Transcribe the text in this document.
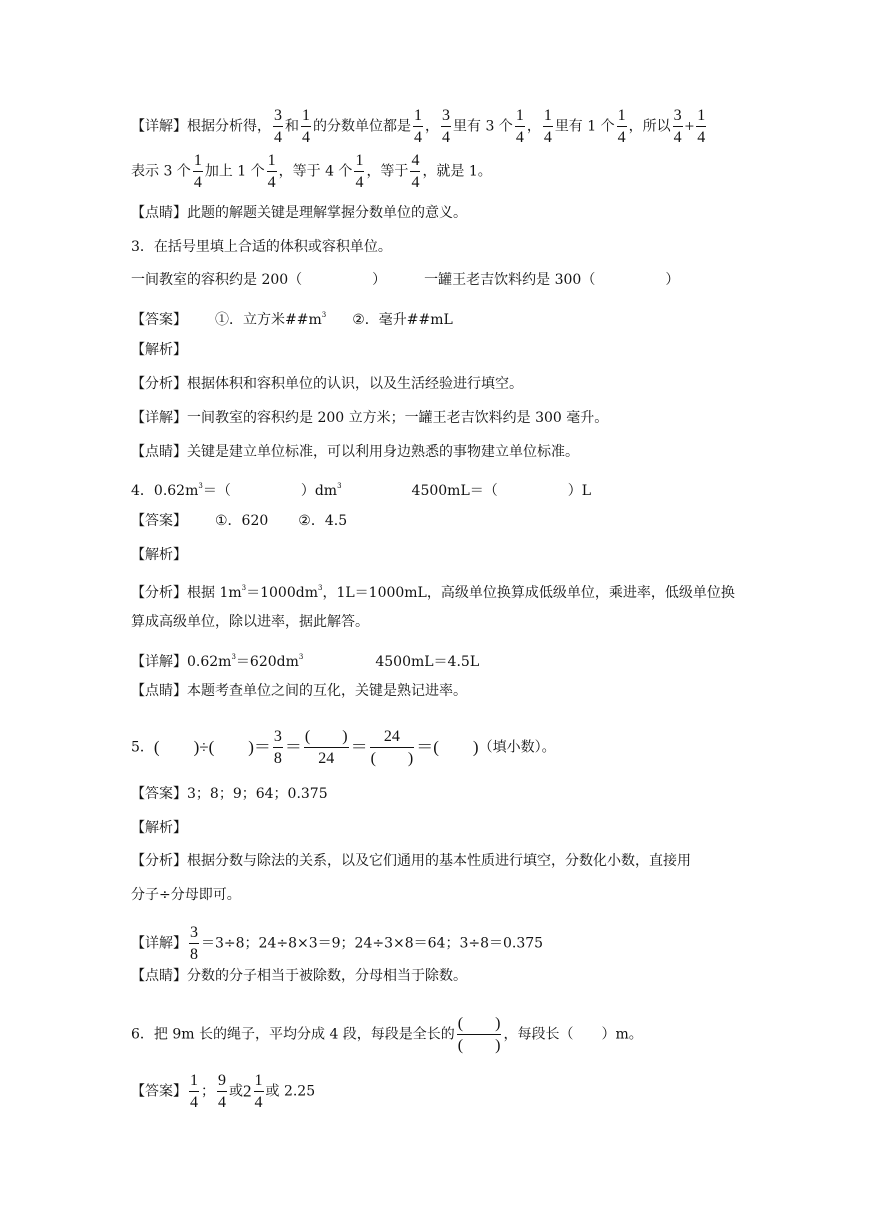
【详解】根据分析得， $\frac{3}{4}$ 和 $\frac{1}{4}$ 的分数单位都是 $\frac{1}{4}$ ， $\frac{3}{4}$ 里有 3 个 $\frac{1}{4}$ ， $\frac{1}{4}$ 里有 1 个 $\frac{1}{4}$ ，所以 $\frac{3}{4} + \frac{1}{4}$
表示 3 个 $\frac{1}{4}$ 加上 1 个 $\frac{1}{4}$ ，等于 4 个 $\frac{1}{4}$ ，等于 $\frac{4}{4}$ ，就是 1。
【点睛】此题的解题关键是理解掌握分数单位的意义。
3．在括号里填上合适的体积或容积单位。
一间教室的容积约是 200（　　　　　）	一罐王老吉饮料约是 300（　　　　　）
【答案】 ①．立方米$\#\#m^3$ ②．毫升##mL
【解析】
【分析】根据体积和容积单位的认识，以及生活经验进行填空。
【详解】一间教室的容积约是 200 立方米；一罐王老吉饮料约是 300 毫升。
【点睛】关键是建立单位标准，可以利用身边熟悉的事物建立单位标准。
4．$0.62m^3=$（　　　　　）$dm^3$	4500mL＝（　　　　　）L
【答案】 ①．620 ②．4.5
【解析】
【分析】根据 $1m^3=1000dm^3$，1L＝1000mL，高级单位换算成低级单位，乘进率，低级单位换
算成高级单位，除以进率，据此解答。
【详解】$0.62m^3=620dm^3$	4500mL＝4.5L
【点睛】本题考查单位之间的互化，关键是熟记进率。
5．(　　)÷(　　)＝ $\frac{3}{8} = \frac{( )}{24} = \frac{24}{( )}$ ＝(　　)（填小数）。
【答案】3；8；9；64；0.375
【解析】
【分析】根据分数与除法的关系，以及它们通用的基本性质进行填空，分数化小数，直接用
分子÷分母即可。
【详解】 $\frac{3}{8} =3\div 8$；24÷8×3＝9；24÷3×8＝64；3÷8＝0.375
【点睛】分数的分子相当于被除数，分母相当于除数。
6．把 9m 长的绳子，平均分成 4 段，每段是全长的 $\frac{( )}{( )}$ ，每段长（　　）m。
【答案】 $\frac{1}{4}$ ； $\frac{9}{4}$ 或$2 \frac{1}{4}$ 或 2.25
